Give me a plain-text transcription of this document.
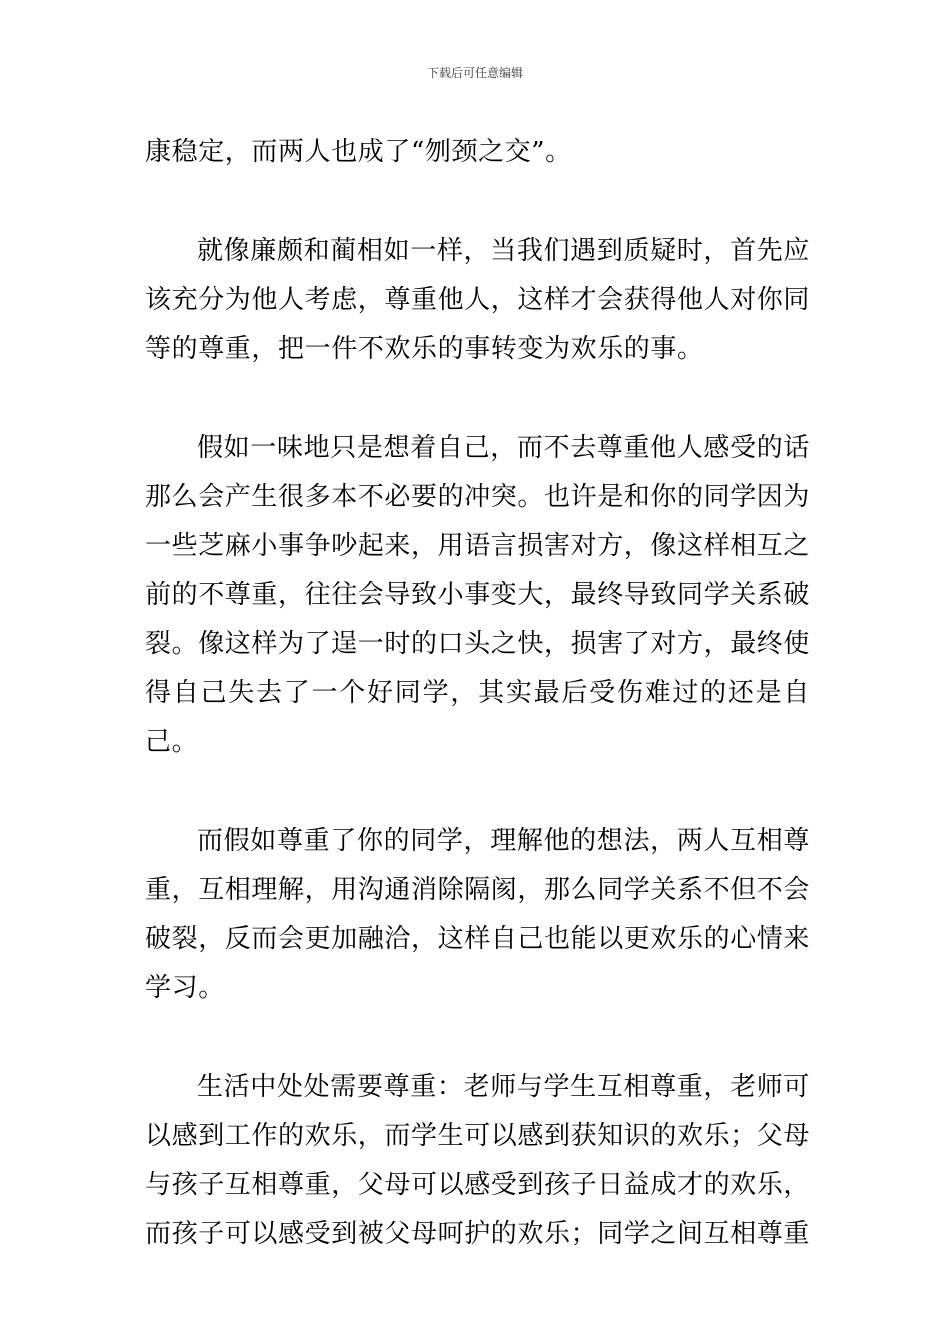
下载后可任意编辑

康稳定，而两人也成了“刎颈之交”。

就像廉颇和蔺相如一样，当我们遇到质疑时，首先应该充分为他人考虑，尊重他人，这样才会获得他人对你同等的尊重，把一件不欢乐的事转变为欢乐的事。

假如一味地只是想着自己，而不去尊重他人感受的话那么会产生很多本不必要的冲突。也许是和你的同学因为一些芝麻小事争吵起来，用语言损害对方，像这样相互之前的不尊重，往往会导致小事变大，最终导致同学关系破裂。像这样为了逞一时的口头之快，损害了对方，最终使得自己失去了一个好同学，其实最后受伤难过的还是自己。

而假如尊重了你的同学，理解他的想法，两人互相尊重，互相理解，用沟通消除隔阂，那么同学关系不但不会破裂，反而会更加融洽，这样自己也能以更欢乐的心情来学习。

生活中处处需要尊重：老师与学生互相尊重，老师可以感到工作的欢乐，而学生可以感到获知识的欢乐；父母与孩子互相尊重，父母可以感受到孩子日益成才的欢乐，而孩子可以感受到被父母呵护的欢乐；同学之间互相尊重
